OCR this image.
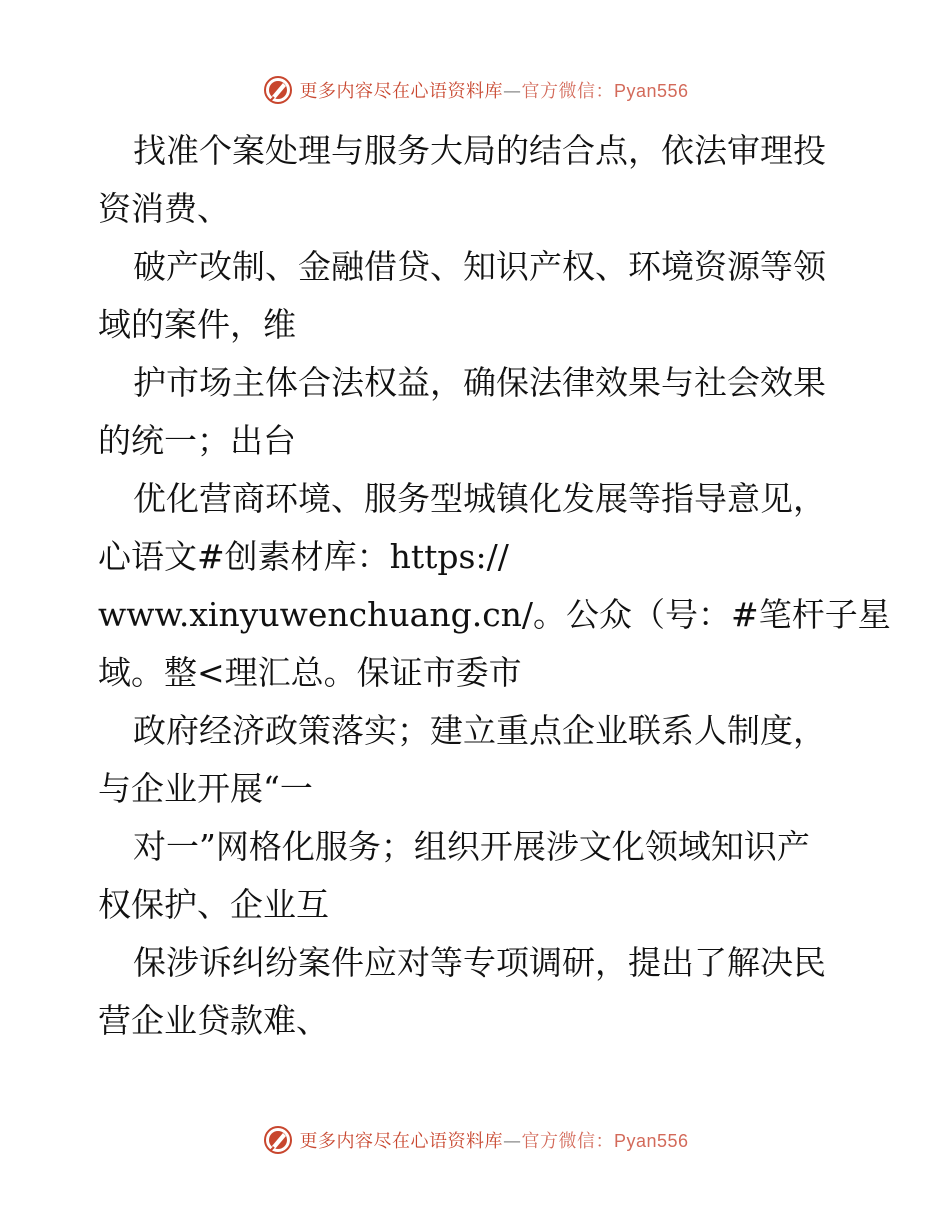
更多内容尽在心语资料库—官方微信：Pyan556
找准个案处理与服务大局的结合点，依法审理投
资消费、
破产改制、金融借贷、知识产权、环境资源等领
域的案件，维
护市场主体合法权益，确保法律效果与社会效果
的统一；出台
优化营商环境、服务型城镇化发展等指导意见，
心语文#创素材库：https://
www.xinyuwenchuang.cn/。公众（号：#笔杆子星
域。整<理汇总。保证市委市
政府经济政策落实；建立重点企业联系人制度，
与企业开展“一
对一”网格化服务；组织开展涉文化领域知识产
权保护、企业互
保涉诉纠纷案件应对等专项调研，提出了解决民
营企业贷款难、
更多内容尽在心语资料库—官方微信：Pyan556
